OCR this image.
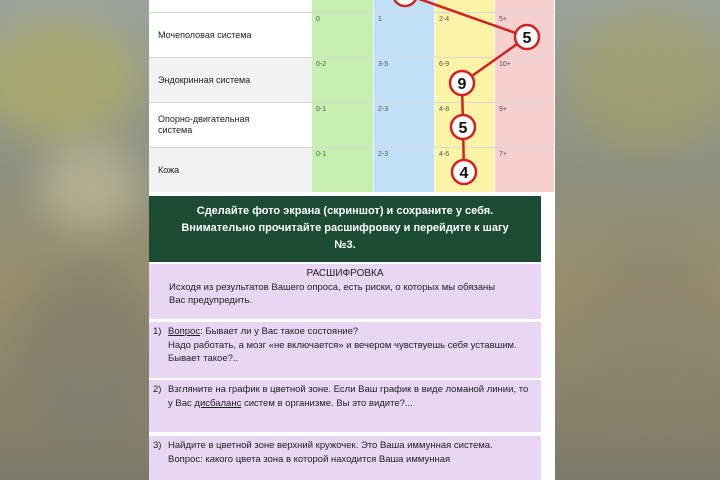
Мочеполовая система
0	1	2-4	5+
Эндокринная система
0-2	3-5	6-9	10+
Опорно-двигательная система
0-1	2-3	4-8	9+
Кожа
0-1	2-3	4-6	7+
5
9
5
4
Сделайте фото экрана (скриншот) и сохраните у себя.
Внимательно прочитайте расшифровку и перейдите к шагу
№3.
РАСШИФРОВКА
Исходя из результатов Вашего опроса, есть риски, о которых мы обязаны Вас предупредить.
1) Вопрос: Бывает ли у Вас такое состояние?
Надо работать, а мозг «не включается» и вечером чувствуешь себя уставшим. Бывает такое?..
2) Взгляните на график в цветной зоне. Если Ваш график в виде ломаной линии, то у Вас дисбаланс систем в организме. Вы это видите?...
3) Найдите в цветной зоне верхний кружочек. Это Ваша иммунная система.
Вопрос: какого цвета зона в которой находится Ваша иммунная
